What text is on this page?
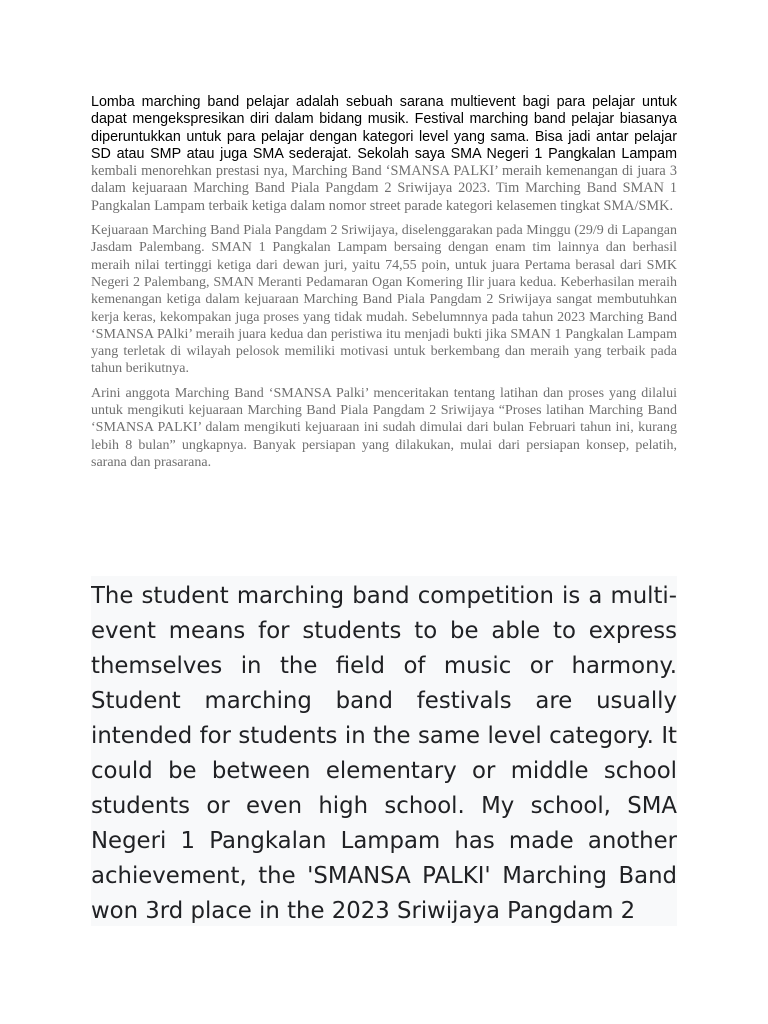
Lomba marching band pelajar adalah sebuah sarana multievent bagi para pelajar untuk dapat mengekspresikan diri dalam bidang musik. Festival marching band pelajar biasanya diperuntukkan untuk para pelajar dengan kategori level yang sama. Bisa jadi antar pelajar SD atau SMP atau juga SMA sederajat. Sekolah saya SMA Negeri 1 Pangkalan Lampam kembali menorehkan prestasi nya, Marching Band ‘SMANSA PALKI’ meraih kemenangan di juara 3 dalam kejuaraan Marching Band Piala Pangdam 2 Sriwijaya 2023. Tim Marching Band SMAN 1 Pangkalan Lampam terbaik ketiga dalam nomor street parade kategori kelasemen tingkat SMA/SMK.

Kejuaraan Marching Band Piala Pangdam 2 Sriwijaya, diselenggarakan pada Minggu (29/9 di Lapangan Jasdam Palembang. SMAN 1 Pangkalan Lampam bersaing dengan enam tim lainnya dan berhasil meraih nilai tertinggi ketiga dari dewan juri, yaitu 74,55 poin, untuk juara Pertama berasal dari SMK Negeri 2 Palembang, SMAN Meranti Pedamaran Ogan Komering Ilir juara kedua. Keberhasilan meraih kemenangan ketiga dalam kejuaraan Marching Band Piala Pangdam 2 Sriwijaya sangat membutuhkan kerja keras, kekompakan juga proses yang tidak mudah. Sebelumnnya pada tahun 2023 Marching Band ‘SMANSA PAlki’ meraih juara kedua dan peristiwa itu menjadi bukti jika SMAN 1 Pangkalan Lampam yang terletak di wilayah pelosok memiliki motivasi untuk berkembang dan meraih yang terbaik pada tahun berikutnya.

Arini anggota Marching Band ‘SMANSA Palki’ menceritakan tentang latihan dan proses yang dilalui untuk mengikuti kejuaraan Marching Band Piala Pangdam 2 Sriwijaya “Proses latihan Marching Band ‘SMANSA PALKI’ dalam mengikuti kejuaraan ini sudah dimulai dari bulan Februari tahun ini, kurang lebih 8 bulan” ungkapnya. Banyak persiapan yang dilakukan, mulai dari persiapan konsep, pelatih, sarana dan prasarana.

The student marching band competition is a multi-event means for students to be able to express themselves in the field of music or harmony. Student marching band festivals are usually intended for students in the same level category. It could be between elementary or middle school students or even high school. My school, SMA Negeri 1 Pangkalan Lampam has made another achievement, the 'SMANSA PALKI' Marching Band won 3rd place in the 2023 Sriwijaya Pangdam 2
